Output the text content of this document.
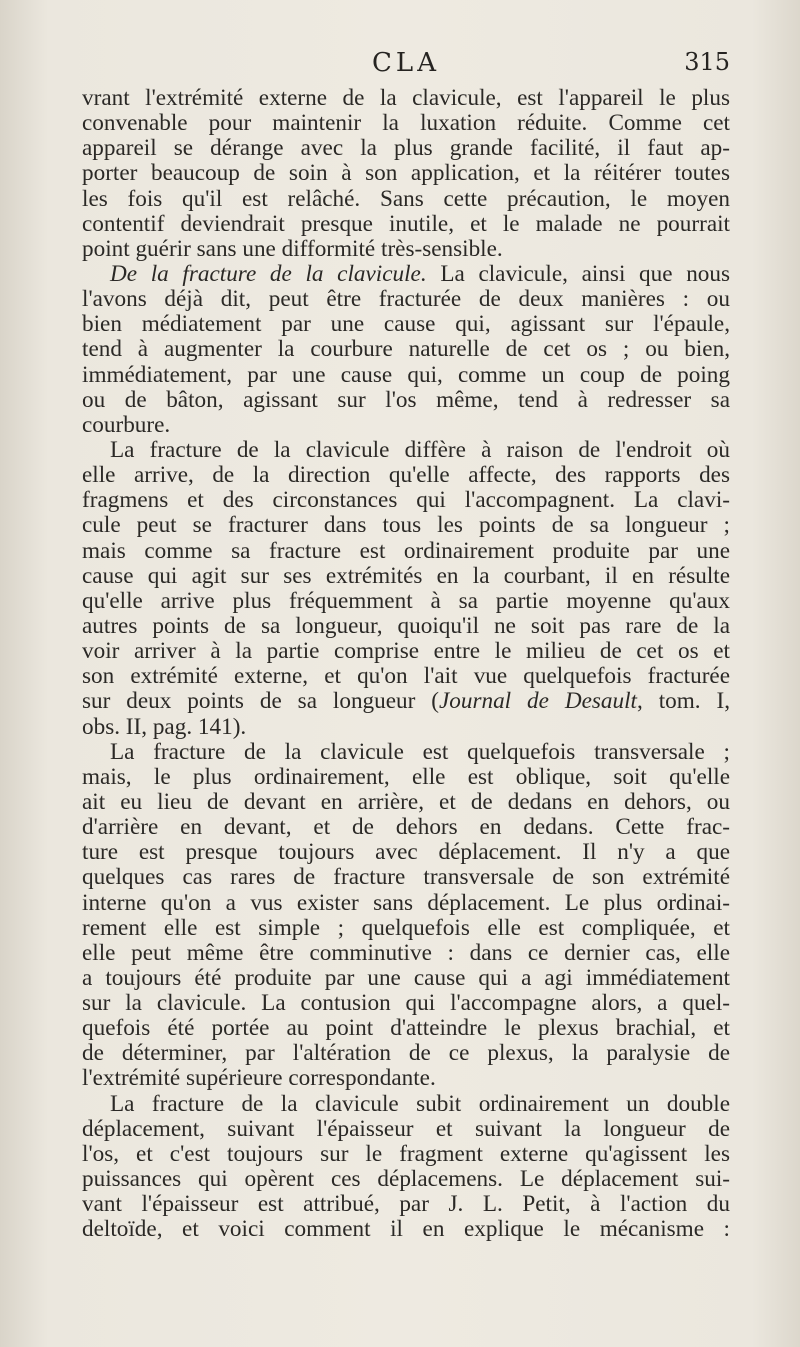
CLA	315
vrant l'extrémité externe de la clavicule, est l'appareil le plus
convenable pour maintenir la luxation réduite. Comme cet
appareil se dérange avec la plus grande facilité, il faut ap-
porter beaucoup de soin à son application, et la réitérer toutes
les fois qu'il est relâché. Sans cette précaution, le moyen
contentif deviendrait presque inutile, et le malade ne pourrait
point guérir sans une difformité très-sensible.
De la fracture de la clavicule. La clavicule, ainsi que nous
l'avons déjà dit, peut être fracturée de deux manières : ou
bien médiatement par une cause qui, agissant sur l'épaule,
tend à augmenter la courbure naturelle de cet os ; ou bien,
immédiatement, par une cause qui, comme un coup de poing
ou de bâton, agissant sur l'os même, tend à redresser sa
courbure.
La fracture de la clavicule diffère à raison de l'endroit où
elle arrive, de la direction qu'elle affecte, des rapports des
fragmens et des circonstances qui l'accompagnent. La clavi-
cule peut se fracturer dans tous les points de sa longueur ;
mais comme sa fracture est ordinairement produite par une
cause qui agit sur ses extrémités en la courbant, il en résulte
qu'elle arrive plus fréquemment à sa partie moyenne qu'aux
autres points de sa longueur, quoiqu'il ne soit pas rare de la
voir arriver à la partie comprise entre le milieu de cet os et
son extrémité externe, et qu'on l'ait vue quelquefois fracturée
sur deux points de sa longueur (Journal de Desault, tom. I,
obs. II, pag. 141).
La fracture de la clavicule est quelquefois transversale ;
mais, le plus ordinairement, elle est oblique, soit qu'elle
ait eu lieu de devant en arrière, et de dedans en dehors, ou
d'arrière en devant, et de dehors en dedans. Cette frac-
ture est presque toujours avec déplacement. Il n'y a que
quelques cas rares de fracture transversale de son extrémité
interne qu'on a vus exister sans déplacement. Le plus ordinai-
rement elle est simple ; quelquefois elle est compliquée, et
elle peut même être comminutive : dans ce dernier cas, elle
a toujours été produite par une cause qui a agi immédiatement
sur la clavicule. La contusion qui l'accompagne alors, a quel-
quefois été portée au point d'atteindre le plexus brachial, et
de déterminer, par l'altération de ce plexus, la paralysie de
l'extrémité supérieure correspondante.
La fracture de la clavicule subit ordinairement un double
déplacement, suivant l'épaisseur et suivant la longueur de
l'os, et c'est toujours sur le fragment externe qu'agissent les
puissances qui opèrent ces déplacemens. Le déplacement sui-
vant l'épaisseur est attribué, par J. L. Petit, à l'action du
deltoïde, et voici comment il en explique le mécanisme :
